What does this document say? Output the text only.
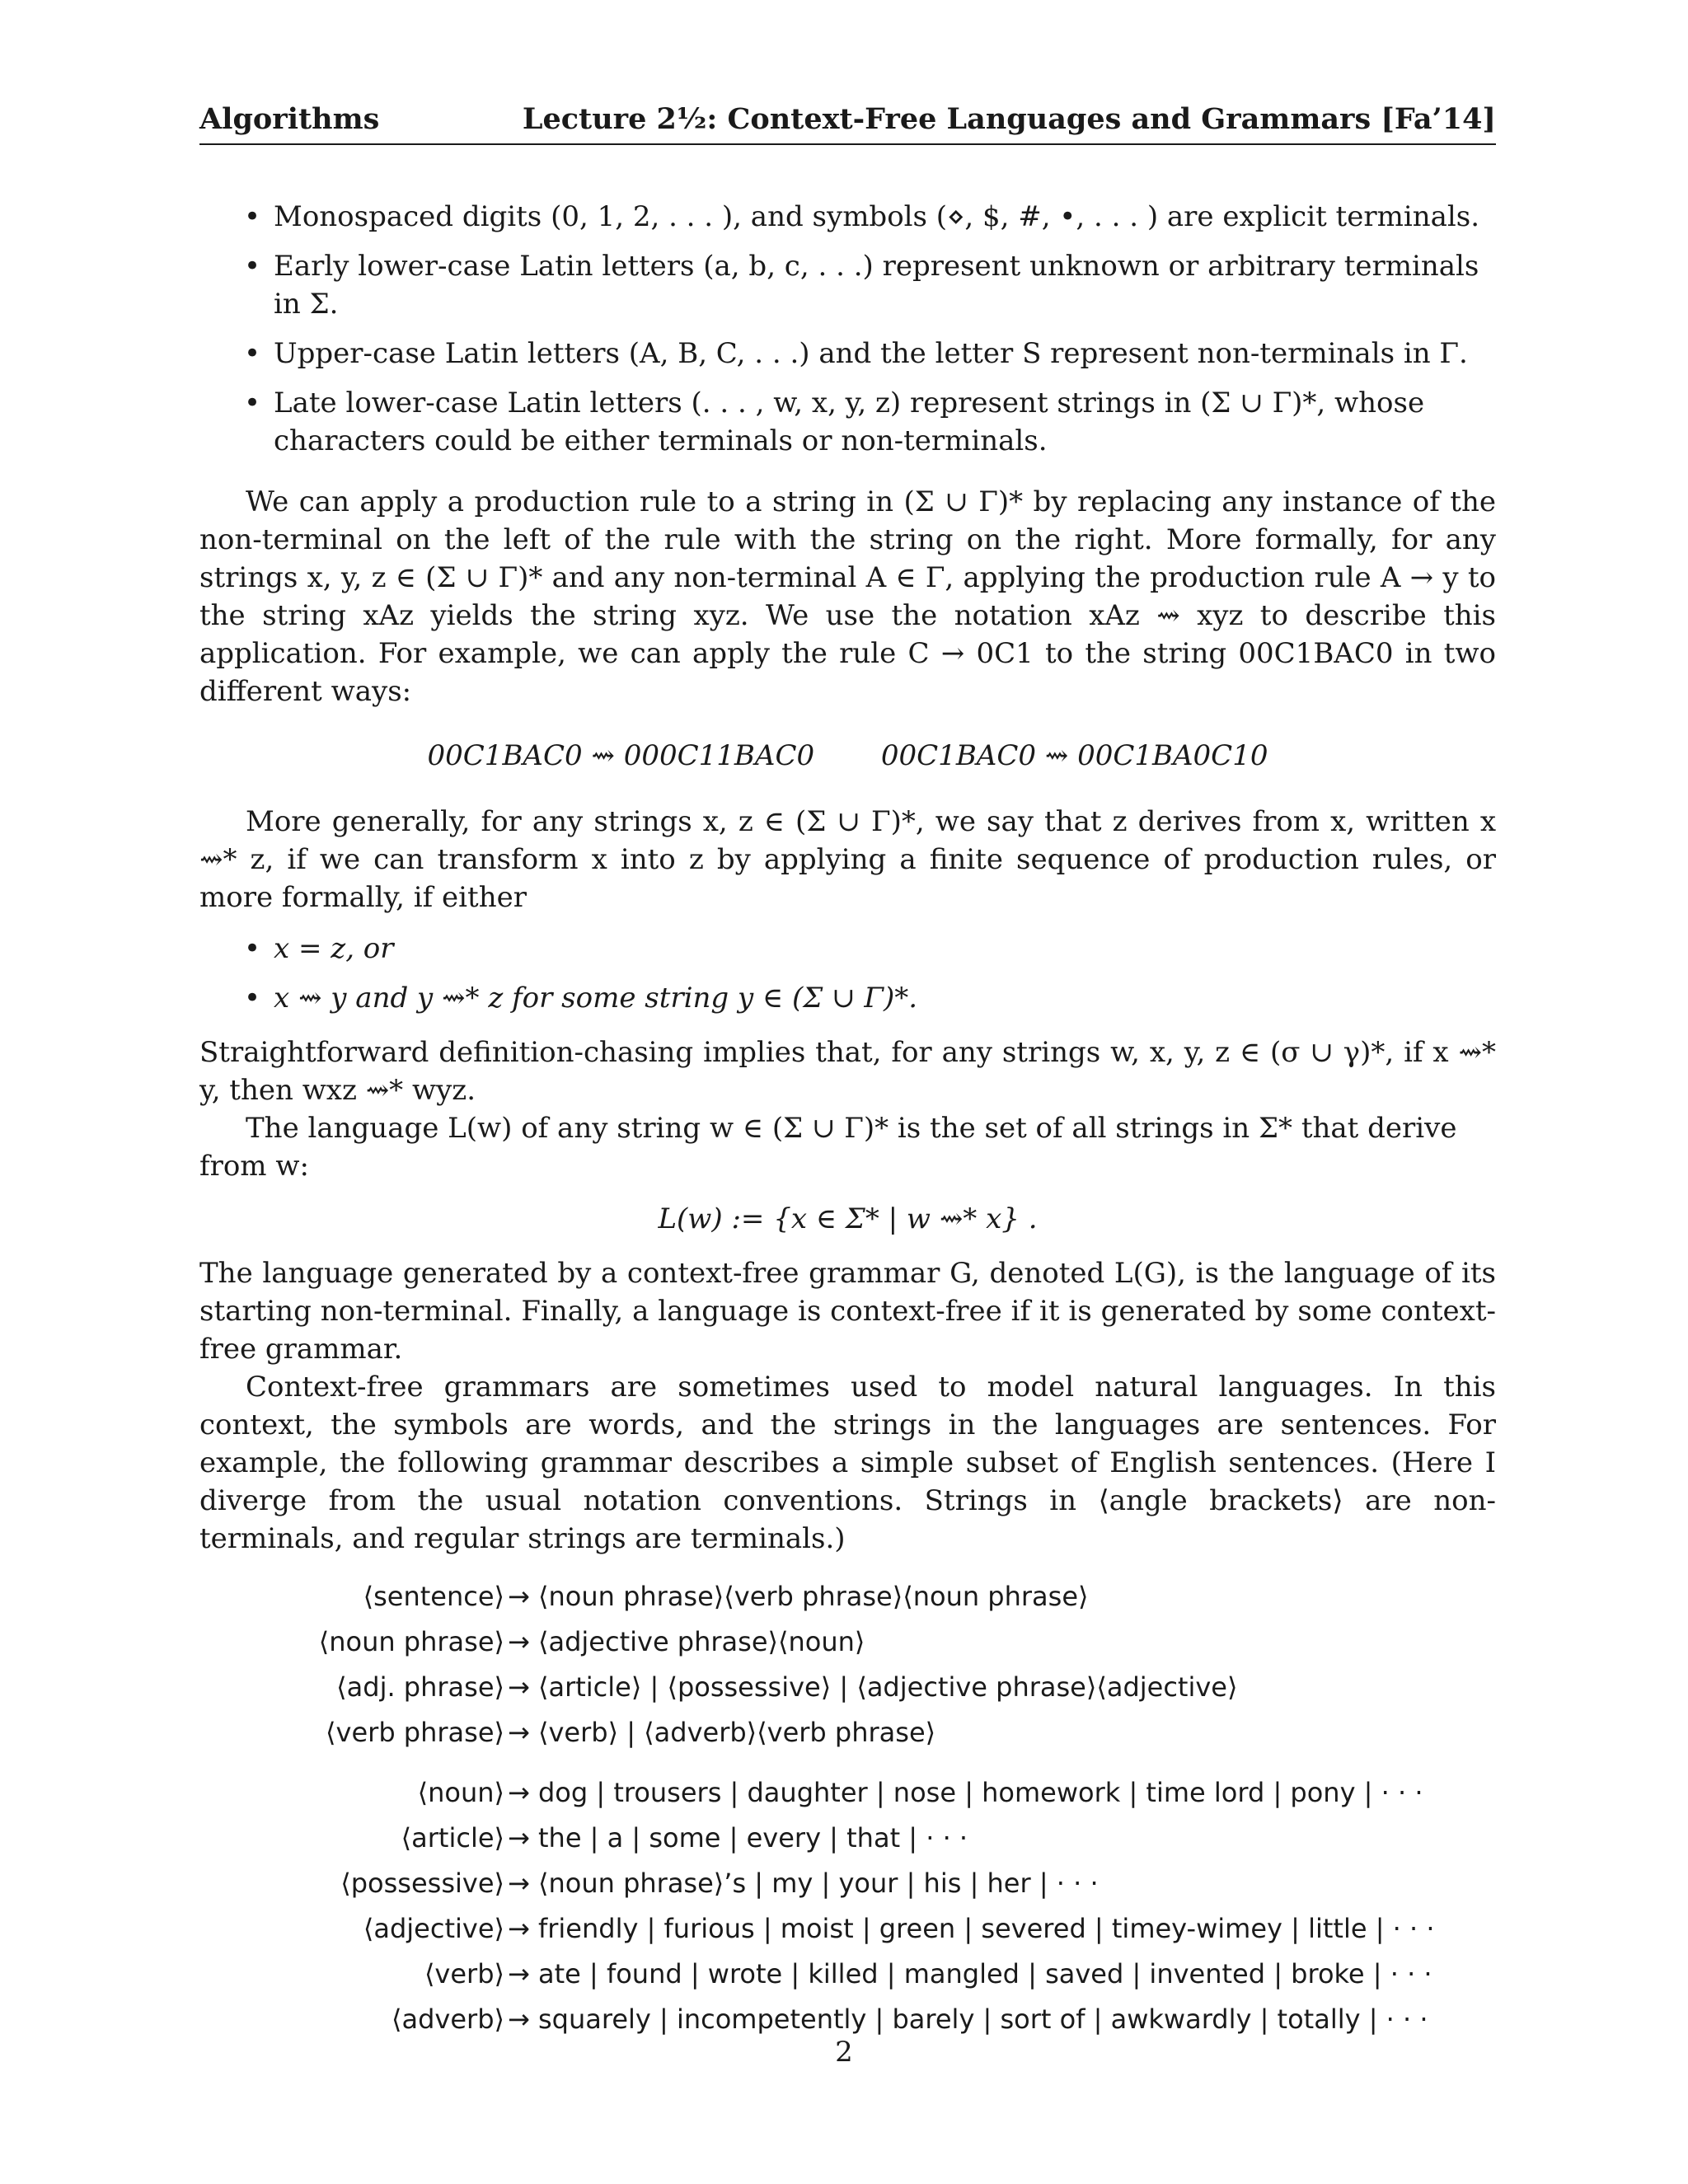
Algorithms	Lecture 2½: Context-Free Languages and Grammars [Fa’14]

• Monospaced digits (0, 1, 2, . . . ), and symbols (⋄, $, #, •, . . . ) are explicit terminals.

• Early lower-case Latin letters (a, b, c, . . .) represent unknown or arbitrary terminals in Σ.

• Upper-case Latin letters (A, B, C, . . .) and the letter S represent non-terminals in Γ.

• Late lower-case Latin letters (. . . , w, x, y, z) represent strings in (Σ ∪ Γ)*, whose characters could be either terminals or non-terminals.

We can apply a production rule to a string in (Σ ∪ Γ)* by replacing any instance of the non-terminal on the left of the rule with the string on the right. More formally, for any strings x, y, z ∈ (Σ ∪ Γ)* and any non-terminal A ∈ Γ, applying the production rule A → y to the string xAz yields the string xyz. We use the notation xAz ⇝ xyz to describe this application. For example, we can apply the rule C → 0C1 to the string 00C1BAC0 in two different ways:

00C1BAC0 ⇝ 000C11BAC0 00C1BAC0 ⇝ 00C1BA0C10

More generally, for any strings x, z ∈ (Σ ∪ Γ)*, we say that z derives from x, written x ⇝* z, if we can transform x into z by applying a finite sequence of production rules, or more formally, if either

• x = z, or

• x ⇝ y and y ⇝* z for some string y ∈ (Σ ∪ Γ)*.

Straightforward definition-chasing implies that, for any strings w, x, y, z ∈ (σ ∪ γ)*, if x ⇝* y, then wxz ⇝* wyz.

The language L(w) of any string w ∈ (Σ ∪ Γ)* is the set of all strings in Σ* that derive from w:

L(w) := {x ∈ Σ* | w ⇝* x} .

The language generated by a context-free grammar G, denoted L(G), is the language of its starting non-terminal. Finally, a language is context-free if it is generated by some context-free grammar.

Context-free grammars are sometimes used to model natural languages. In this context, the symbols are words, and the strings in the languages are sentences. For example, the following grammar describes a simple subset of English sentences. (Here I diverge from the usual notation conventions. Strings in ⟨angle brackets⟩ are non-terminals, and regular strings are terminals.)

⟨sentence⟩ → ⟨noun phrase⟩⟨verb phrase⟩⟨noun phrase⟩
⟨noun phrase⟩ → ⟨adjective phrase⟩⟨noun⟩
⟨adj. phrase⟩ → ⟨article⟩ | ⟨possessive⟩ | ⟨adjective phrase⟩⟨adjective⟩
⟨verb phrase⟩ → ⟨verb⟩ | ⟨adverb⟩⟨verb phrase⟩
⟨noun⟩ → dog | trousers | daughter | nose | homework | time lord | pony | · · ·
⟨article⟩ → the | a | some | every | that | · · ·
⟨possessive⟩ → ⟨noun phrase⟩’s | my | your | his | her | · · ·
⟨adjective⟩ → friendly | furious | moist | green | severed | timey-wimey | little | · · ·
⟨verb⟩ → ate | found | wrote | killed | mangled | saved | invented | broke | · · ·
⟨adverb⟩ → squarely | incompetently | barely | sort of | awkwardly | totally | · · ·
2
